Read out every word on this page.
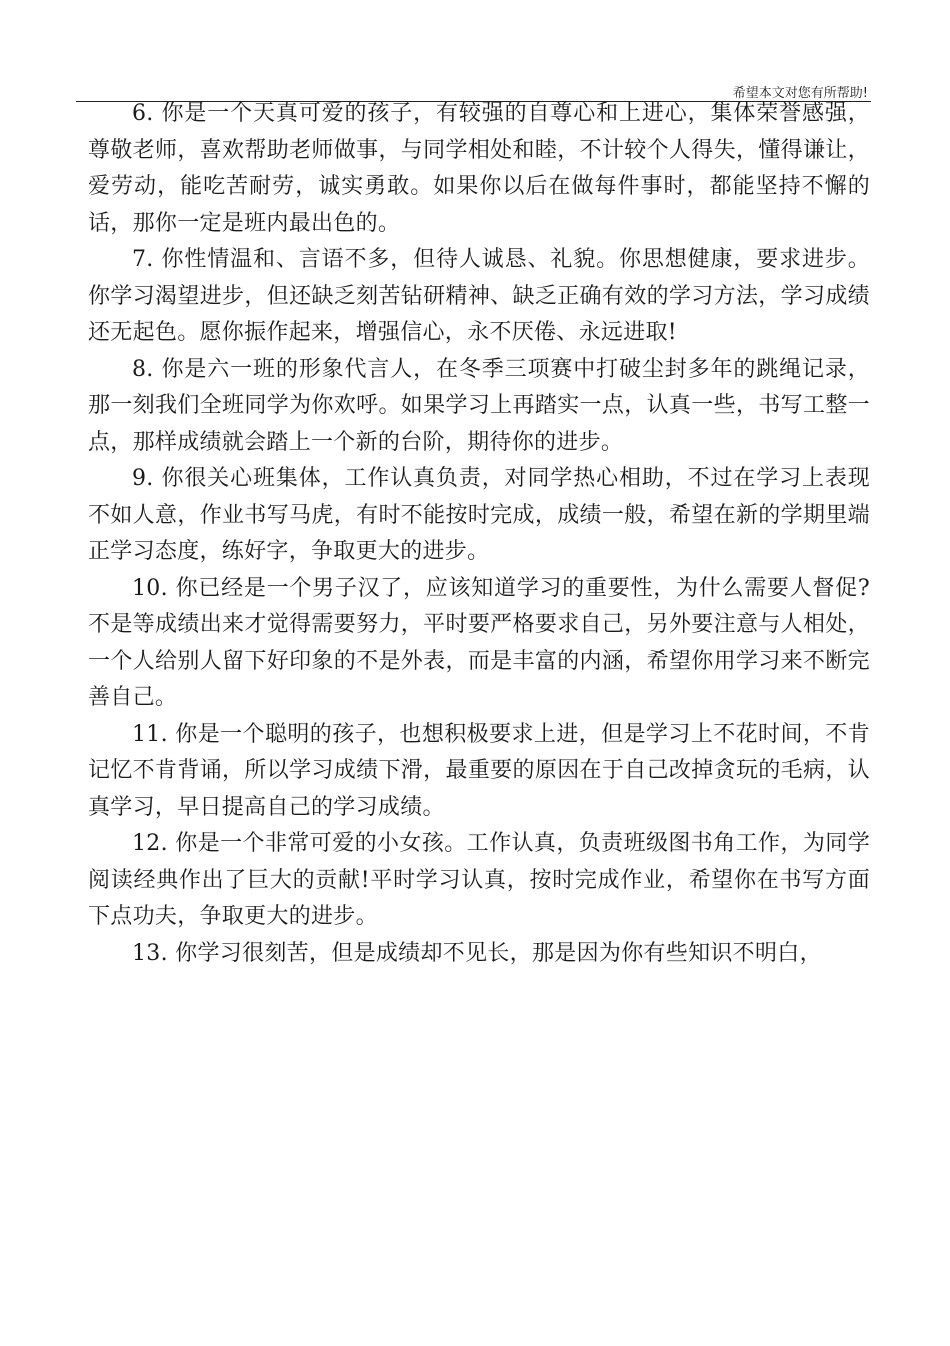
希望本文对您有所帮助!

6. 你是一个天真可爱的孩子，有较强的自尊心和上进心，集体荣誉感强，尊敬老师，喜欢帮助老师做事，与同学相处和睦，不计较个人得失，懂得谦让，爱劳动，能吃苦耐劳，诚实勇敢。如果你以后在做每件事时，都能坚持不懈的话，那你一定是班内最出色的。

7. 你性情温和、言语不多，但待人诚恳、礼貌。你思想健康，要求进步。你学习渴望进步，但还缺乏刻苦钻研精神、缺乏正确有效的学习方法，学习成绩还无起色。愿你振作起来，增强信心，永不厌倦、永远进取!

8. 你是六一班的形象代言人，在冬季三项赛中打破尘封多年的跳绳记录，那一刻我们全班同学为你欢呼。如果学习上再踏实一点，认真一些，书写工整一点，那样成绩就会踏上一个新的台阶，期待你的进步。

9. 你很关心班集体，工作认真负责，对同学热心相助，不过在学习上表现不如人意，作业书写马虎，有时不能按时完成，成绩一般，希望在新的学期里端正学习态度，练好字，争取更大的进步。

10. 你已经是一个男子汉了，应该知道学习的重要性，为什么需要人督促?不是等成绩出来才觉得需要努力，平时要严格要求自己，另外要注意与人相处，一个人给别人留下好印象的不是外表，而是丰富的内涵，希望你用学习来不断完善自己。

11. 你是一个聪明的孩子，也想积极要求上进，但是学习上不花时间，不肯记忆不肯背诵，所以学习成绩下滑，最重要的原因在于自己改掉贪玩的毛病，认真学习，早日提高自己的学习成绩。

12. 你是一个非常可爱的小女孩。工作认真，负责班级图书角工作，为同学阅读经典作出了巨大的贡献!平时学习认真，按时完成作业，希望你在书写方面下点功夫，争取更大的进步。

13. 你学习很刻苦，但是成绩却不见长，那是因为你有些知识不明白，
